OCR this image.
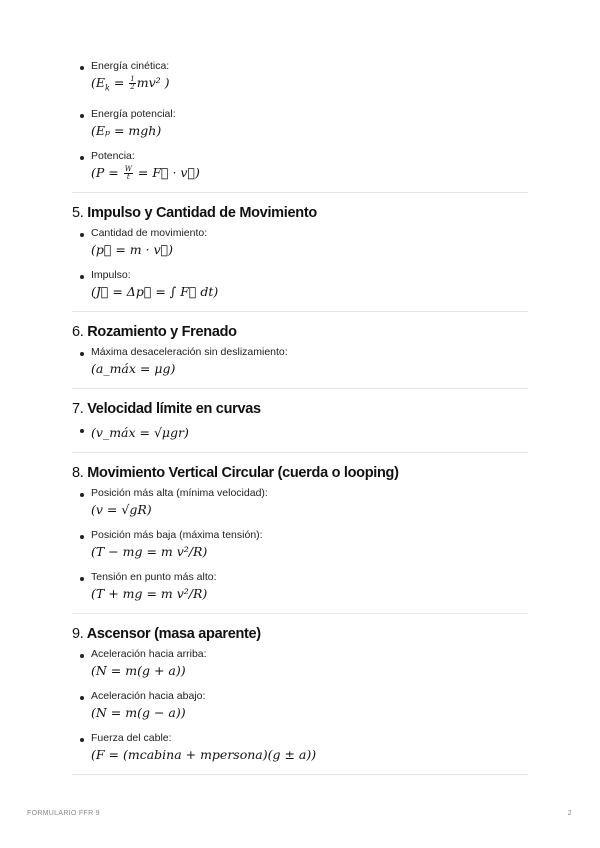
Energía cinética:
($E_k = \frac{1}{2} mv^2$ )
Energía potencial:
(Eₚ = mgh)
Potencia:
($P = \frac{W}{t}$ = F⃗ · v⃗)
5. Impulso y Cantidad de Movimiento
Cantidad de movimiento:
(p⃗ = m · v⃗)
Impulso:
(J⃗ = Δp⃗ = ∫ F⃗ dt)
6. Rozamiento y Frenado
Máxima desaceleración sin deslizamiento:
(a_máx = μg)
7. Velocidad límite en curvas
(v_máx = √μgr)
8. Movimiento Vertical Circular (cuerda o looping)
Posición más alta (mínima velocidad):
(v = √gR)
Posición más baja (máxima tensión):
(T − mg = m v²/R)
Tensión en punto más alto:
(T + mg = m v²/R)
9. Ascensor (masa aparente)
Aceleración hacia arriba:
(N = m(g + a))
Aceleración hacia abajo:
(N = m(g − a))
Fuerza del cable:
(F = (mcabina + mpersona)(g ± a))
FORMULARIO FFR 9	2
